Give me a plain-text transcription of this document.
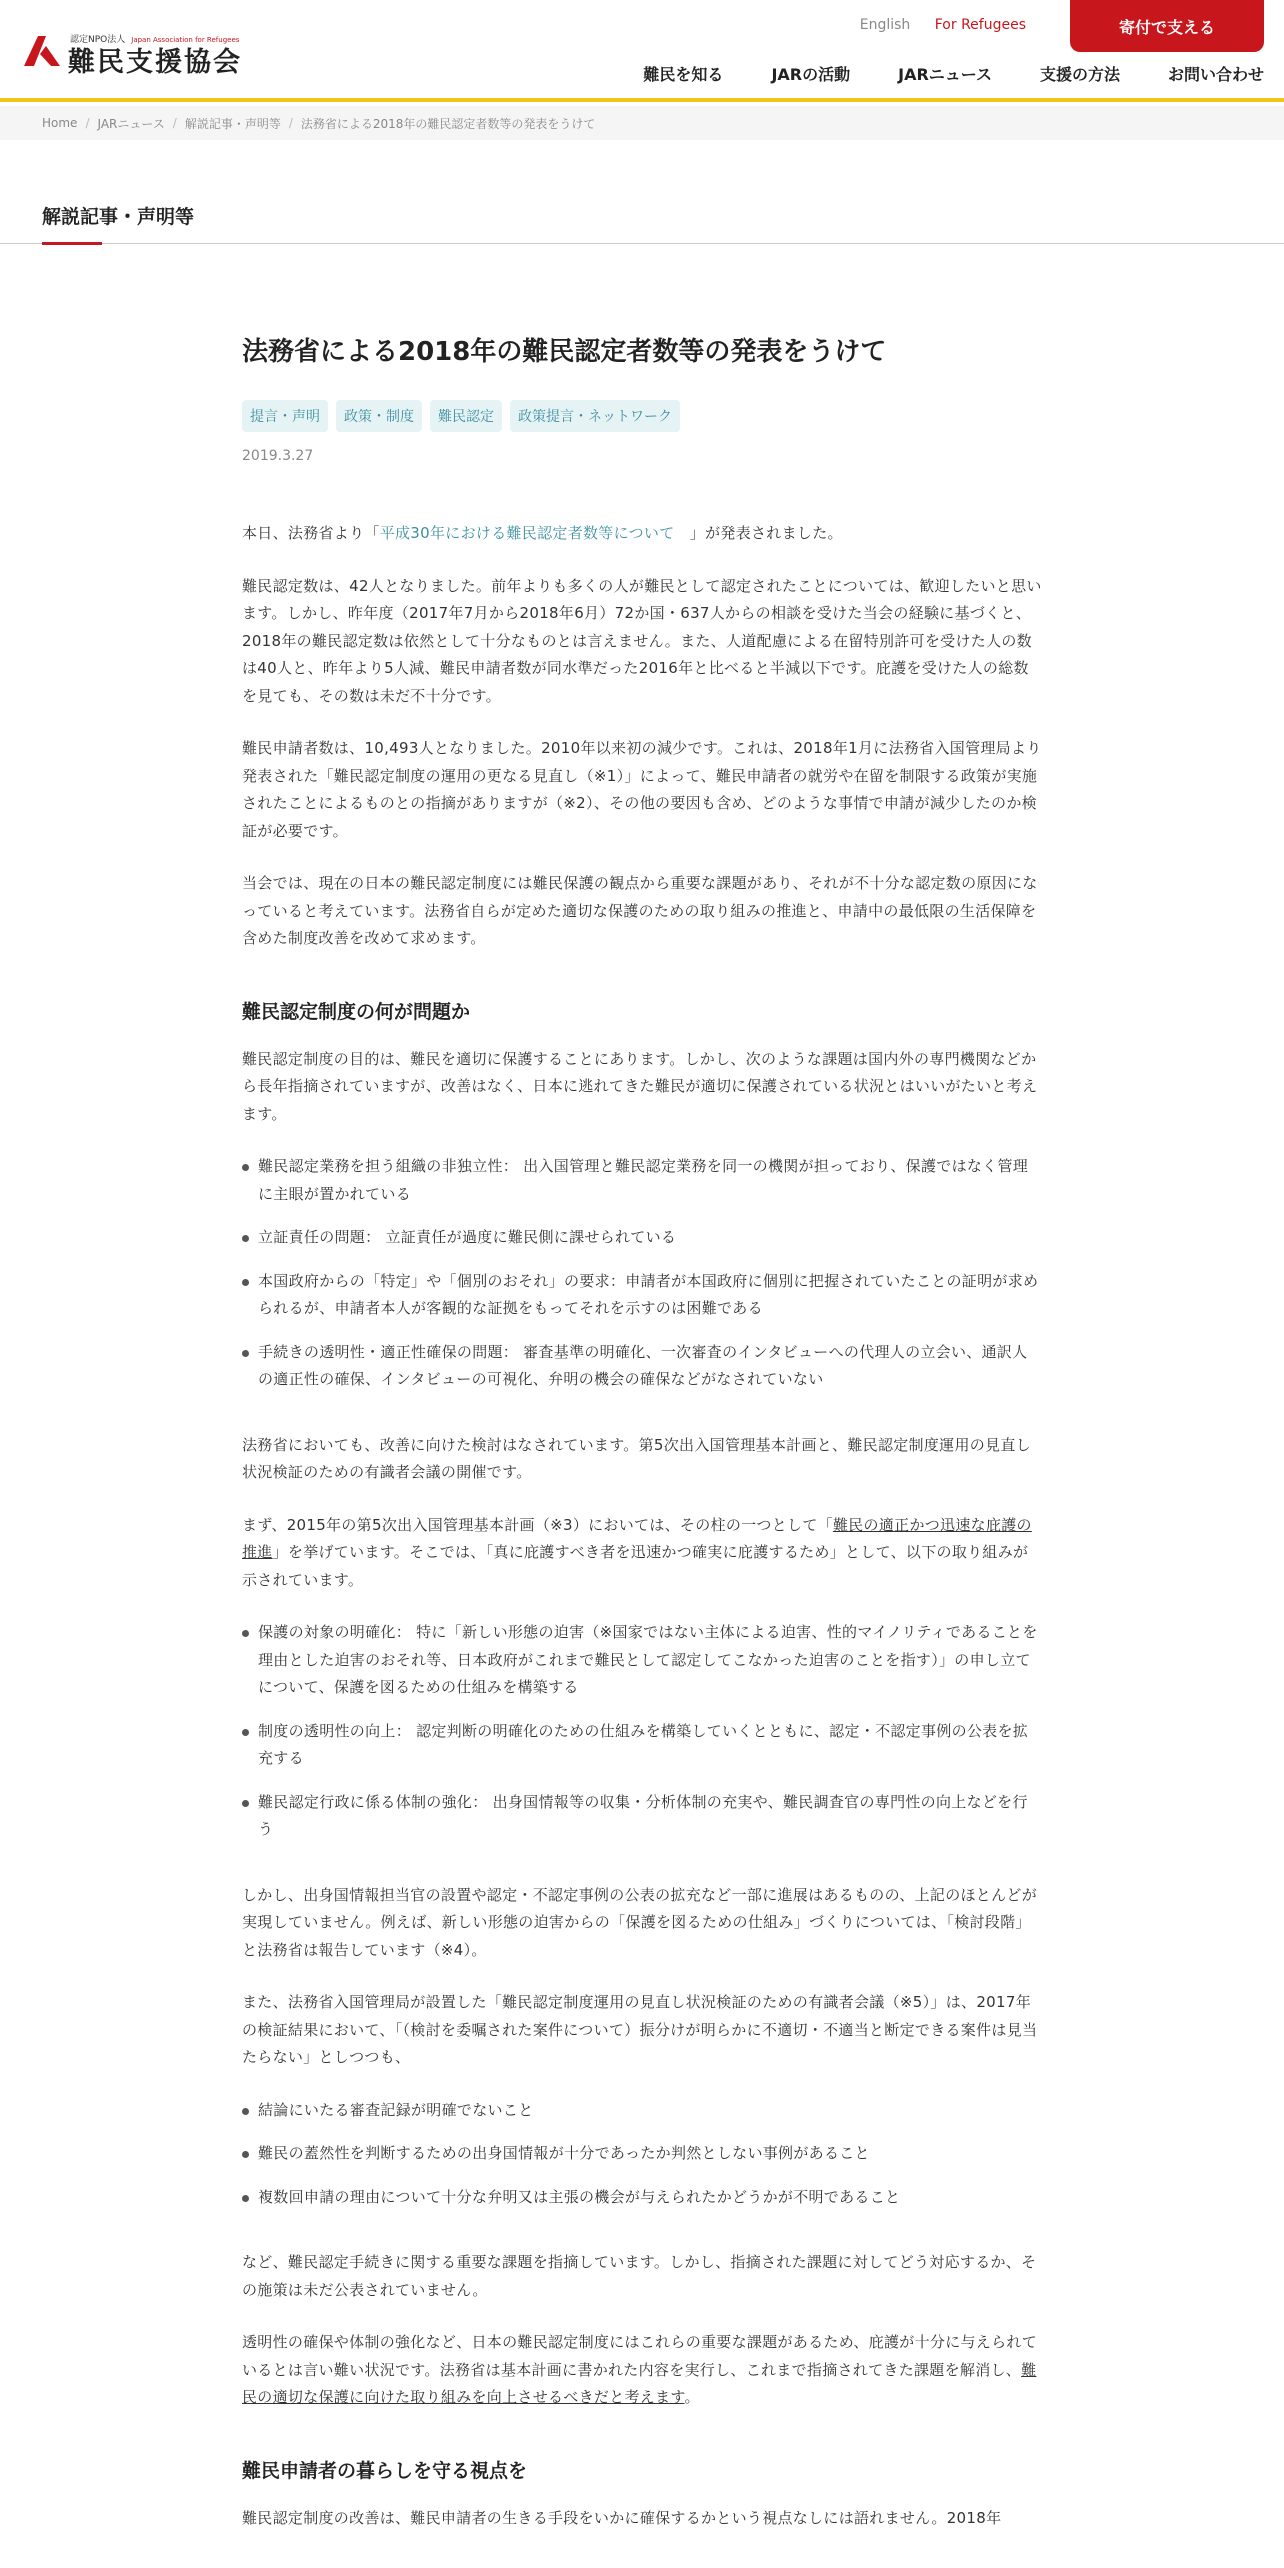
認定NPO法人 Japan Association for Refugees
難民支援協会
English For Refugees	寄付で支える
難民を知る	JARの活動	JARニュース	支援の方法	お問い合わせ
Home / JARニュース / 解説記事・声明等 / 法務省による2018年の難民認定者数等の発表をうけて
解説記事・声明等
法務省による2018年の難民認定者数等の発表をうけて
提言・声明	政策・制度	難民認定	政策提言・ネットワーク
2019.3.27

本日、法務省より「平成30年における難民認定者数等について　」が発表されました。

難民認定数は、42人となりました。前年よりも多くの人が難民として認定されたことについては、歓迎したいと思います。しかし、昨年度（2017年7月から2018年6月）72か国・637人からの相談を受けた当会の経験に基づくと、2018年の難民認定数は依然として十分なものとは言えません。また、人道配慮による在留特別許可を受けた人の数は40人と、昨年より5人減、難民申請者数が同水準だった2016年と比べると半減以下です。庇護を受けた人の総数を見ても、その数は未だ不十分です。

難民申請者数は、10,493人となりました。2010年以来初の減少です。これは、2018年1月に法務省入国管理局より発表された「難民認定制度の運用の更なる見直し（※1）」によって、難民申請者の就労や在留を制限する政策が実施されたことによるものとの指摘がありますが（※2）、その他の要因も含め、どのような事情で申請が減少したのか検証が必要です。

当会では、現在の日本の難民認定制度には難民保護の観点から重要な課題があり、それが不十分な認定数の原因になっていると考えています。法務省自らが定めた適切な保護のための取り組みの推進と、申請中の最低限の生活保障を含めた制度改善を改めて求めます。

難民認定制度の何が問題か

難民認定制度の目的は、難民を適切に保護することにあります。しかし、次のような課題は国内外の専門機関などから長年指摘されていますが、改善はなく、日本に逃れてきた難民が適切に保護されている状況とはいいがたいと考えます。

難民認定業務を担う組織の非独立性： 出入国管理と難民認定業務を同一の機関が担っており、保護ではなく管理に主眼が置かれている
立証責任の問題： 立証責任が過度に難民側に課せられている
本国政府からの「特定」や「個別のおそれ」の要求：申請者が本国政府に個別に把握されていたことの証明が求められるが、申請者本人が客観的な証拠をもってそれを示すのは困難である
手続きの透明性・適正性確保の問題： 審査基準の明確化、一次審査のインタビューへの代理人の立会い、通訳人の適正性の確保、インタビューの可視化、弁明の機会の確保などがなされていない

法務省においても、改善に向けた検討はなされています。第5次出入国管理基本計画と、難民認定制度運用の見直し状況検証のための有識者会議の開催です。

まず、2015年の第5次出入国管理基本計画（※3）においては、その柱の一つとして「難民の適正かつ迅速な庇護の推進」を挙げています。そこでは、「真に庇護すべき者を迅速かつ確実に庇護するため」として、以下の取り組みが示されています。

保護の対象の明確化： 特に「新しい形態の迫害（※国家ではない主体による迫害、性的マイノリティであることを理由とした迫害のおそれ等、日本政府がこれまで難民として認定してこなかった迫害のことを指す）」の申し立てについて、保護を図るための仕組みを構築する
制度の透明性の向上： 認定判断の明確化のための仕組みを構築していくとともに、認定・不認定事例の公表を拡充する
難民認定行政に係る体制の強化： 出身国情報等の収集・分析体制の充実や、難民調査官の専門性の向上などを行う

しかし、出身国情報担当官の設置や認定・不認定事例の公表の拡充など一部に進展はあるものの、上記のほとんどが実現していません。例えば、新しい形態の迫害からの「保護を図るための仕組み」づくりについては、「検討段階」と法務省は報告しています（※4）。

また、法務省入国管理局が設置した「難民認定制度運用の見直し状況検証のための有識者会議（※5）」は、2017年の検証結果において、「（検討を委嘱された案件について）振分けが明らかに不適切・不適当と断定できる案件は見当たらない」としつつも、

結論にいたる審査記録が明確でないこと
難民の蓋然性を判断するための出身国情報が十分であったか判然としない事例があること
複数回申請の理由について十分な弁明又は主張の機会が与えられたかどうかが不明であること

など、難民認定手続きに関する重要な課題を指摘しています。しかし、指摘された課題に対してどう対応するか、その施策は未だ公表されていません。

透明性の確保や体制の強化など、日本の難民認定制度にはこれらの重要な課題があるため、庇護が十分に与えられているとは言い難い状況です。法務省は基本計画に書かれた内容を実行し、これまで指摘されてきた課題を解消し、難民の適切な保護に向けた取り組みを向上させるべきだと考えます。

難民申請者の暮らしを守る視点を

難民認定制度の改善は、難民申請者の生きる手段をいかに確保するかという視点なしには語れません。2018年
